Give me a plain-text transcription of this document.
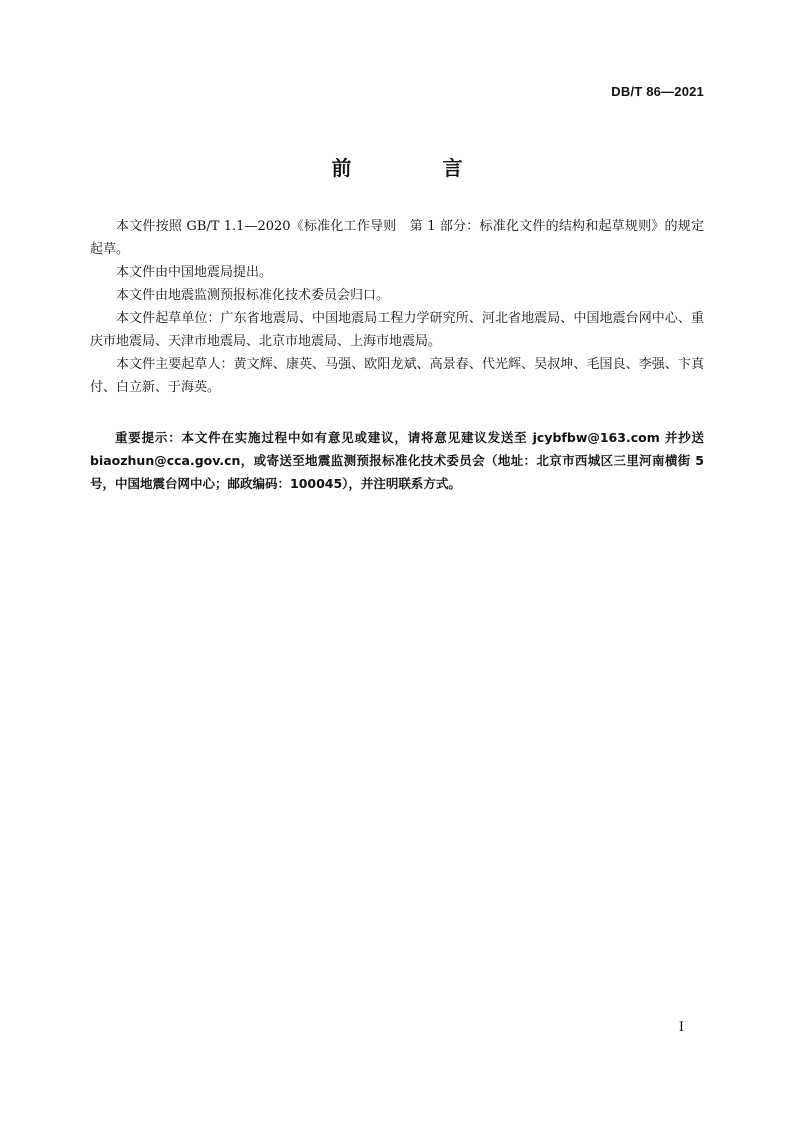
DB/T 86—2021
前 言

本文件按照 GB/T 1.1—2020《标准化工作导则　第 1 部分：标准化文件的结构和起草规则》的规定起草。

本文件由中国地震局提出。

本文件由地震监测预报标准化技术委员会归口。

本文件起草单位：广东省地震局、中国地震局工程力学研究所、河北省地震局、中国地震台网中心、重庆市地震局、天津市地震局、北京市地震局、上海市地震局。

本文件主要起草人：黄文辉、康英、马强、欧阳龙斌、高景春、代光辉、吴叔坤、毛国良、李强、卞真付、白立新、于海英。

重要提示：本文件在实施过程中如有意见或建议，请将意见建议发送至 jcybfbw@163.com 并抄送 biaozhun@cca.gov.cn，或寄送至地震监测预报标准化技术委员会（地址：北京市西城区三里河南横街 5 号，中国地震台网中心；邮政编码：100045），并注明联系方式。
I
